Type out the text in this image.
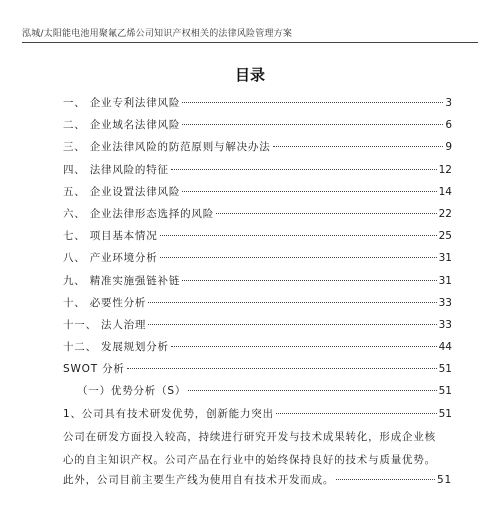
泓城/太阳能电池用聚氟乙烯公司知识产权相关的法律风险管理方案
目录
一、 企业专利法律风险	3
二、 企业域名法律风险	6
三、 企业法律风险的防范原则与解决办法	9
四、 法律风险的特征	12
五、 企业设置法律风险	14
六、 企业法律形态选择的风险	22
七、 项目基本情况	25
八、 产业环境分析	31
九、 精准实施强链补链	31
十、 必要性分析	33
十一、 法人治理	33
十二、 发展规划分析	44
SWOT 分析	51
（一）优势分析（S）	51
1、公司具有技术研发优势，创新能力突出	51
公司在研发方面投入较高，持续进行研究开发与技术成果转化，形成企业核
心的自主知识产权。公司产品在行业中的始终保持良好的技术与质量优势。
此外，公司目前主要生产线为使用自有技术开发而成。	51
